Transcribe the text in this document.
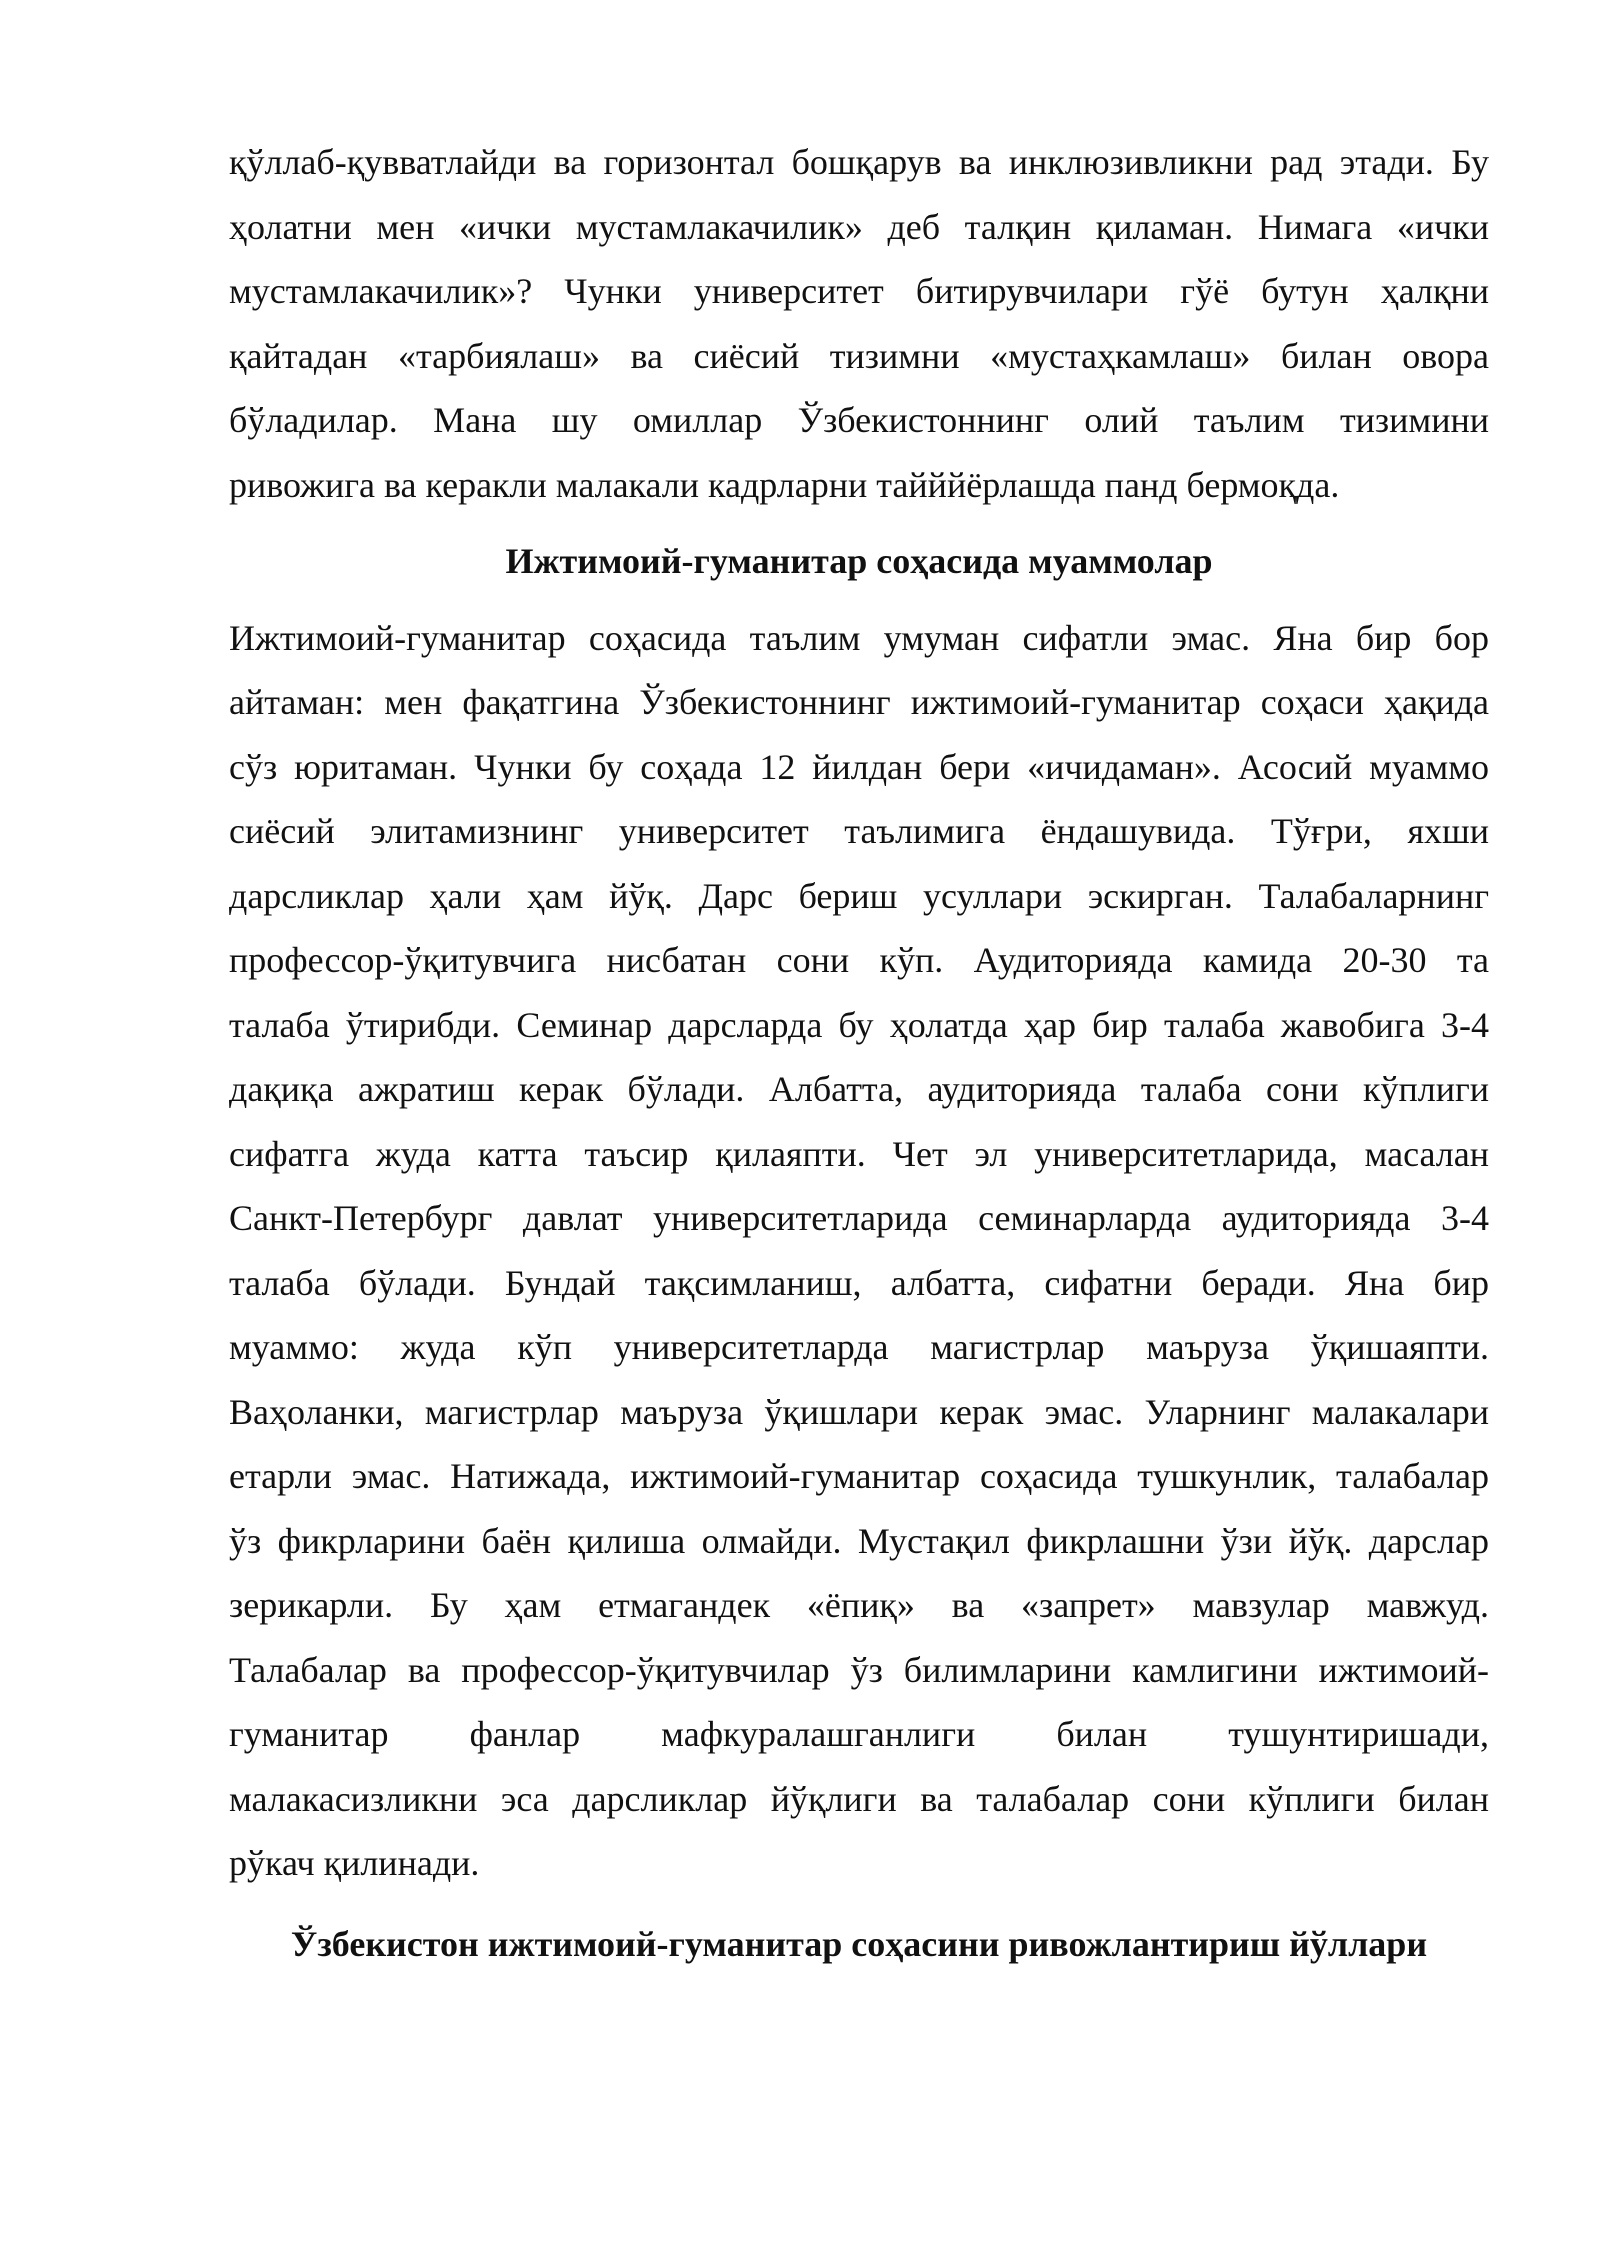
қўллаб-қувватлайди ва горизонтал бошқарув ва инклюзивликни рад этади. Бу
ҳолатни мен «ички мустамлакачилик» деб талқин қиламан. Нимага «ички
мустамлакачилик»? Чунки университет битирувчилари гўё бутун ҳалқни
қайтадан «тарбиялаш» ва сиёсий тизимни «мустаҳкамлаш» билан овора
бўладилар. Мана шу омиллар Ўзбекистоннинг олий таълим тизимини
ривожига ва керакли малакали кадрларни тайййёрлашда панд бермоқда.
Ижтимоий-гуманитар соҳасида муаммолар
Ижтимоий-гуманитар соҳасида таълим умуман сифатли эмас. Яна бир бор
айтаман: мен фақатгина Ўзбекистоннинг ижтимоий-гуманитар соҳаси ҳақида
сўз юритаман. Чунки бу соҳада 12 йилдан бери «ичидаман». Асосий муаммо
сиёсий элитамизнинг университет таълимига ёндашувида. Тўғри, яхши
дарсликлар ҳали ҳам йўқ. Дарс бериш усуллари эскирган. Талабаларнинг
профессор-ўқитувчига нисбатан сони кўп. Аудиторияда камида 20-30 та
талаба ўтирибди. Семинар дарсларда бу ҳолатда ҳар бир талаба жавобига 3-4
дақиқа ажратиш керак бўлади. Албатта, аудиторияда талаба сони кўплиги
сифатга жуда катта таъсир қилаяпти. Чет эл университетларида, масалан
Санкт-Петербург давлат университетларида семинарларда аудиторияда 3-4
талаба бўлади. Бундай тақсимланиш, албатта, сифатни беради. Яна бир
муаммо: жуда кўп университетларда магистрлар маъруза ўқишаяпти.
Ваҳоланки, магистрлар маъруза ўқишлари керак эмас. Уларнинг малакалари
етарли эмас. Натижада, ижтимоий-гуманитар соҳасида тушкунлик, талабалар
ўз фикрларини баён қилиша олмайди. Мустақил фикрлашни ўзи йўқ. дарслар
зерикарли. Бу ҳам етмагандек «ёпиқ» ва «запрет» мавзулар мавжуд.
Талабалар ва профессор-ўқитувчилар ўз билимларини камлигини ижтимоий-
гуманитар фанлар мафкуралашганлиги билан тушунтиришади,
малакасизликни эса дарсликлар йўқлиги ва талабалар сони кўплиги билан
рўкач қилинади.
Ўзбекистон ижтимоий-гуманитар соҳасини ривожлантириш йўллари
